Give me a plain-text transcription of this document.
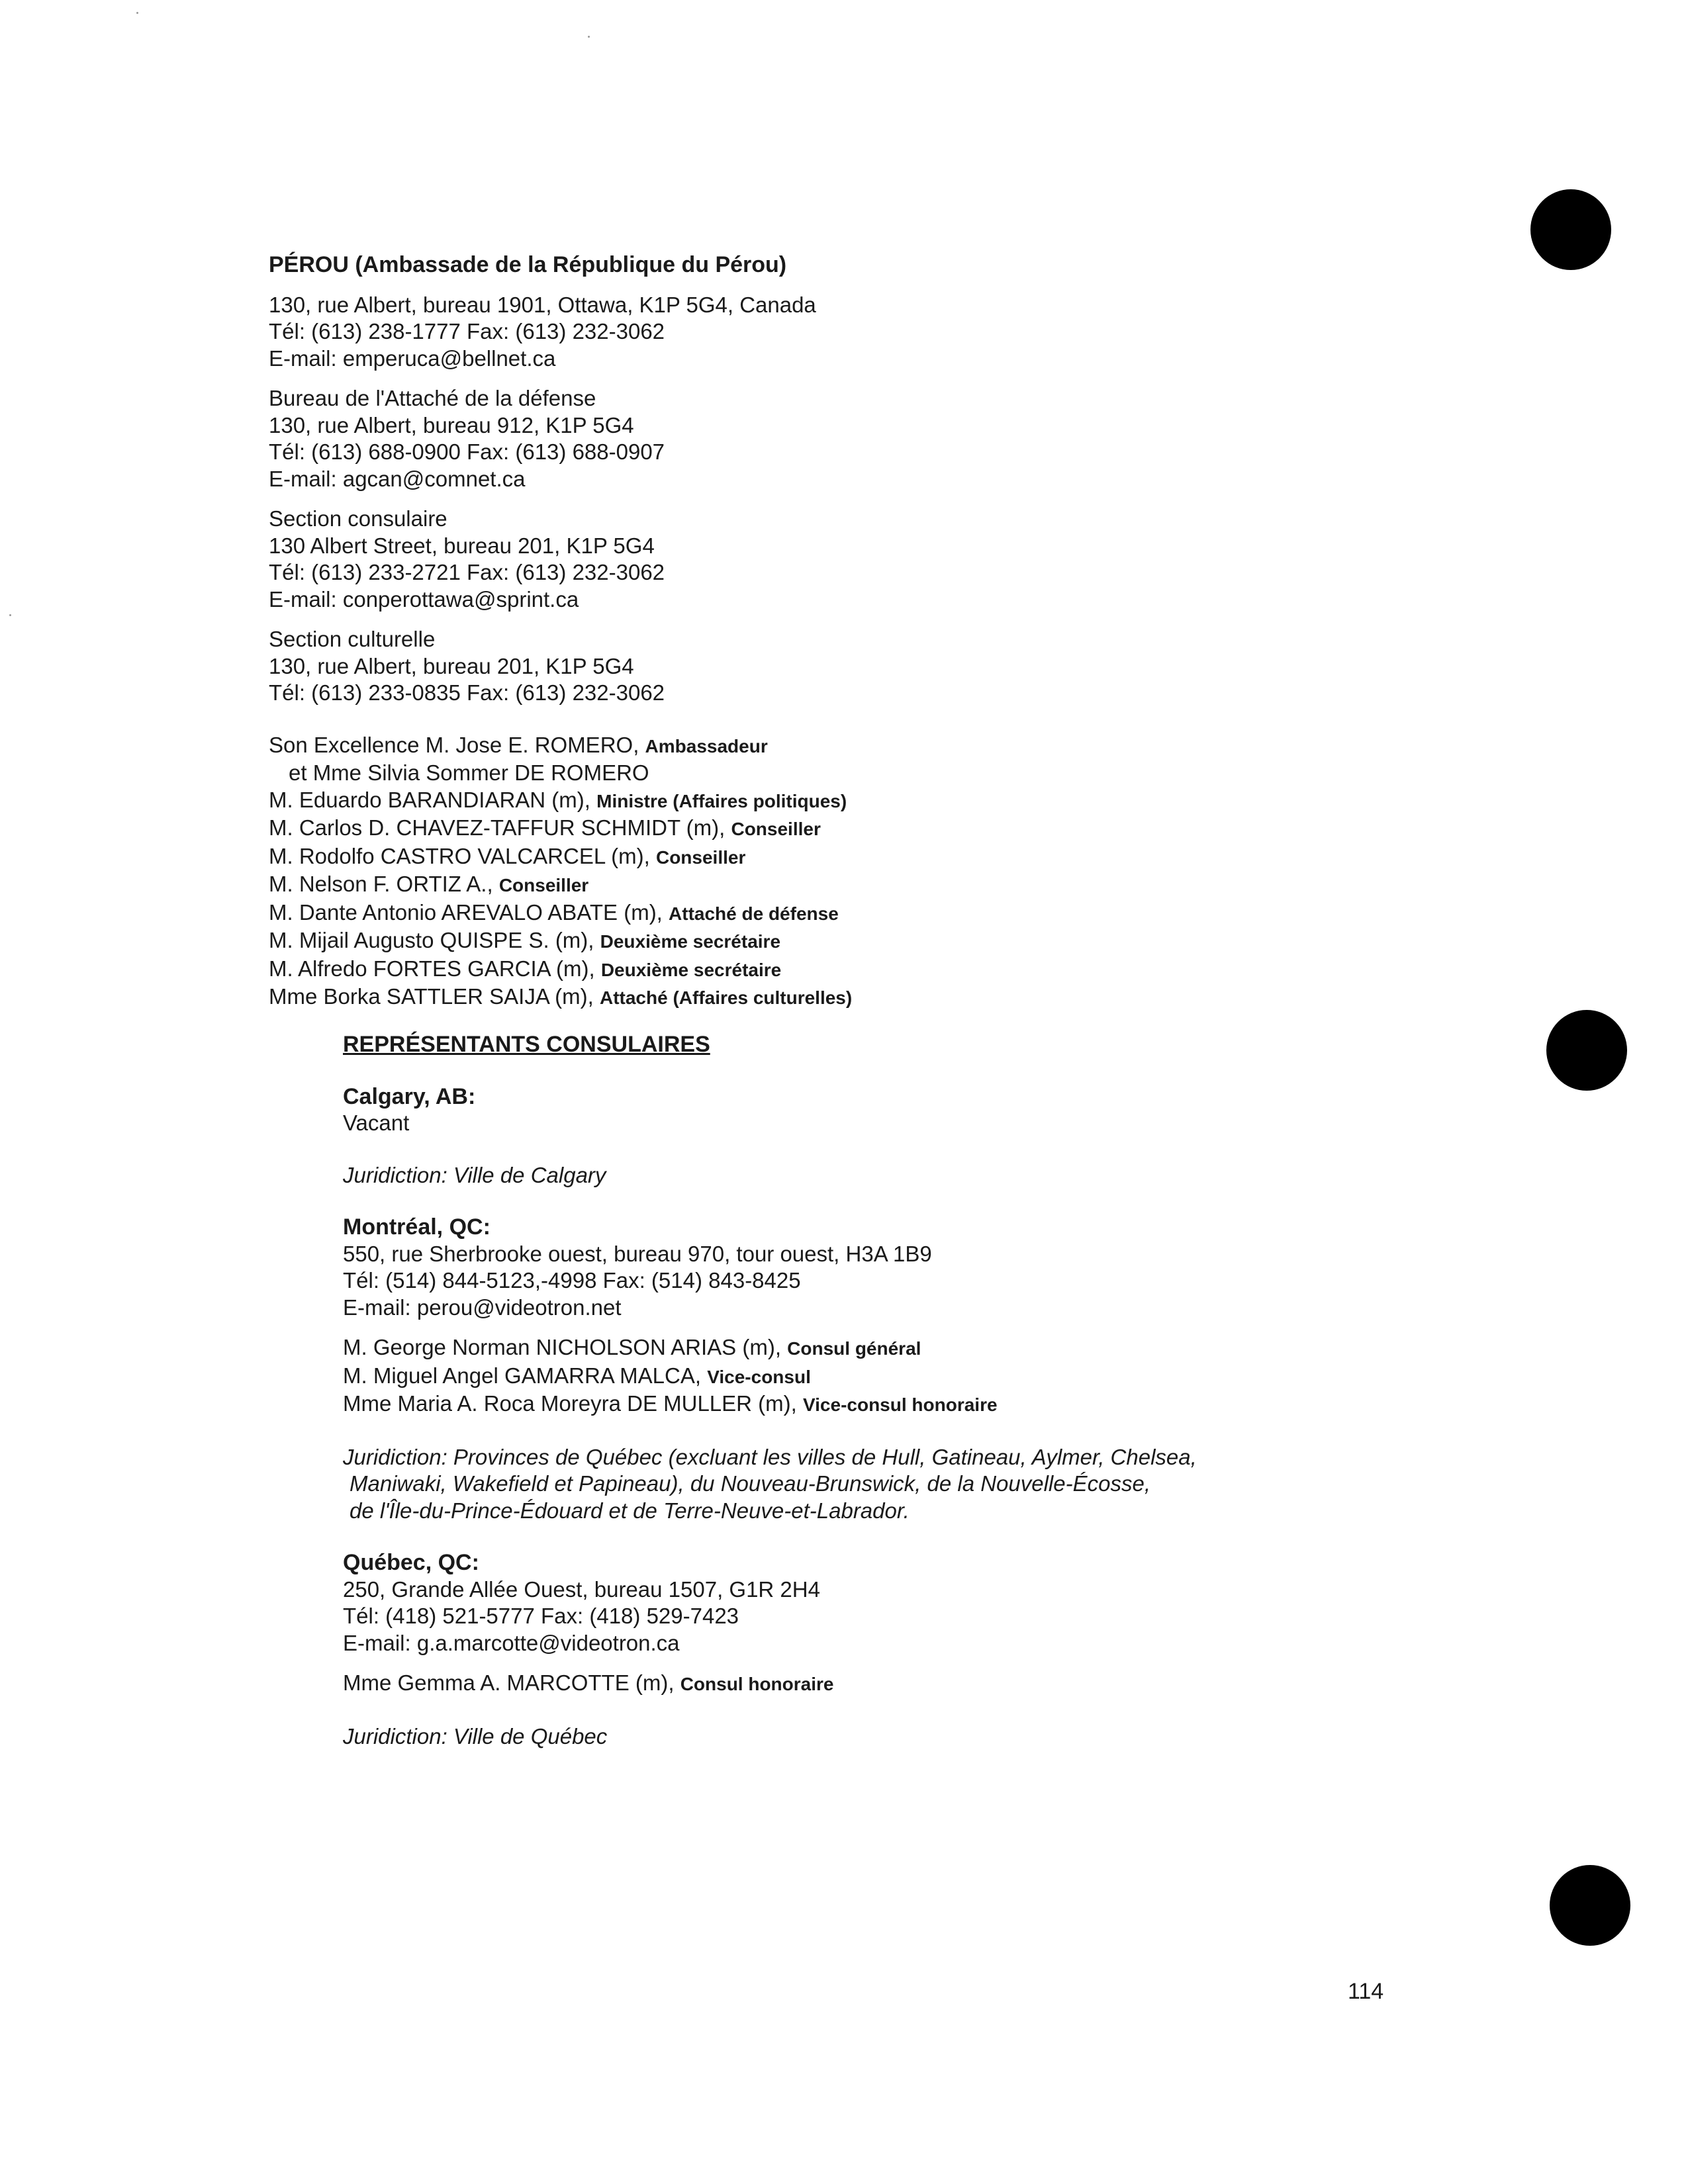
PÉROU (Ambassade de la République du Pérou)
130, rue Albert, bureau 1901, Ottawa, K1P 5G4, Canada
Tél: (613) 238-1777 Fax: (613) 232-3062
E-mail: emperuca@bellnet.ca
Bureau de l'Attaché de la défense
130, rue Albert, bureau 912, K1P 5G4
Tél: (613) 688-0900 Fax: (613) 688-0907
E-mail: agcan@comnet.ca
Section consulaire
130 Albert Street, bureau 201, K1P 5G4
Tél: (613) 233-2721 Fax: (613) 232-3062
E-mail: conperottawa@sprint.ca
Section culturelle
130, rue Albert, bureau 201, K1P 5G4
Tél: (613) 233-0835 Fax: (613) 232-3062
Son Excellence M. Jose E. ROMERO, Ambassadeur
et Mme Silvia Sommer DE ROMERO
M. Eduardo BARANDIARAN (m), Ministre (Affaires politiques)
M. Carlos D. CHAVEZ-TAFFUR SCHMIDT (m), Conseiller
M. Rodolfo CASTRO VALCARCEL (m), Conseiller
M. Nelson F. ORTIZ A., Conseiller
M. Dante Antonio AREVALO ABATE (m), Attaché de défense
M. Mijail Augusto QUISPE S. (m), Deuxième secrétaire
M. Alfredo FORTES GARCIA (m), Deuxième secrétaire
Mme Borka SATTLER SAIJA (m), Attaché (Affaires culturelles)
REPRÉSENTANTS CONSULAIRES
Calgary, AB:
Vacant
Juridiction: Ville de Calgary
Montréal, QC:
550, rue Sherbrooke ouest, bureau 970, tour ouest, H3A 1B9
Tél: (514) 844-5123,-4998 Fax: (514) 843-8425
E-mail: perou@videotron.net
M. George Norman NICHOLSON ARIAS (m), Consul général
M. Miguel Angel GAMARRA MALCA, Vice-consul
Mme Maria A. Roca Moreyra DE MULLER (m), Vice-consul honoraire
Juridiction: Provinces de Québec (excluant les villes de Hull, Gatineau, Aylmer, Chelsea,
Maniwaki, Wakefield et Papineau), du Nouveau-Brunswick, de la Nouvelle-Écosse,
de l'Île-du-Prince-Édouard et de Terre-Neuve-et-Labrador.
Québec, QC:
250, Grande Allée Ouest, bureau 1507, G1R 2H4
Tél: (418) 521-5777 Fax: (418) 529-7423
E-mail: g.a.marcotte@videotron.ca
Mme Gemma A. MARCOTTE (m), Consul honoraire
Juridiction: Ville de Québec
114
